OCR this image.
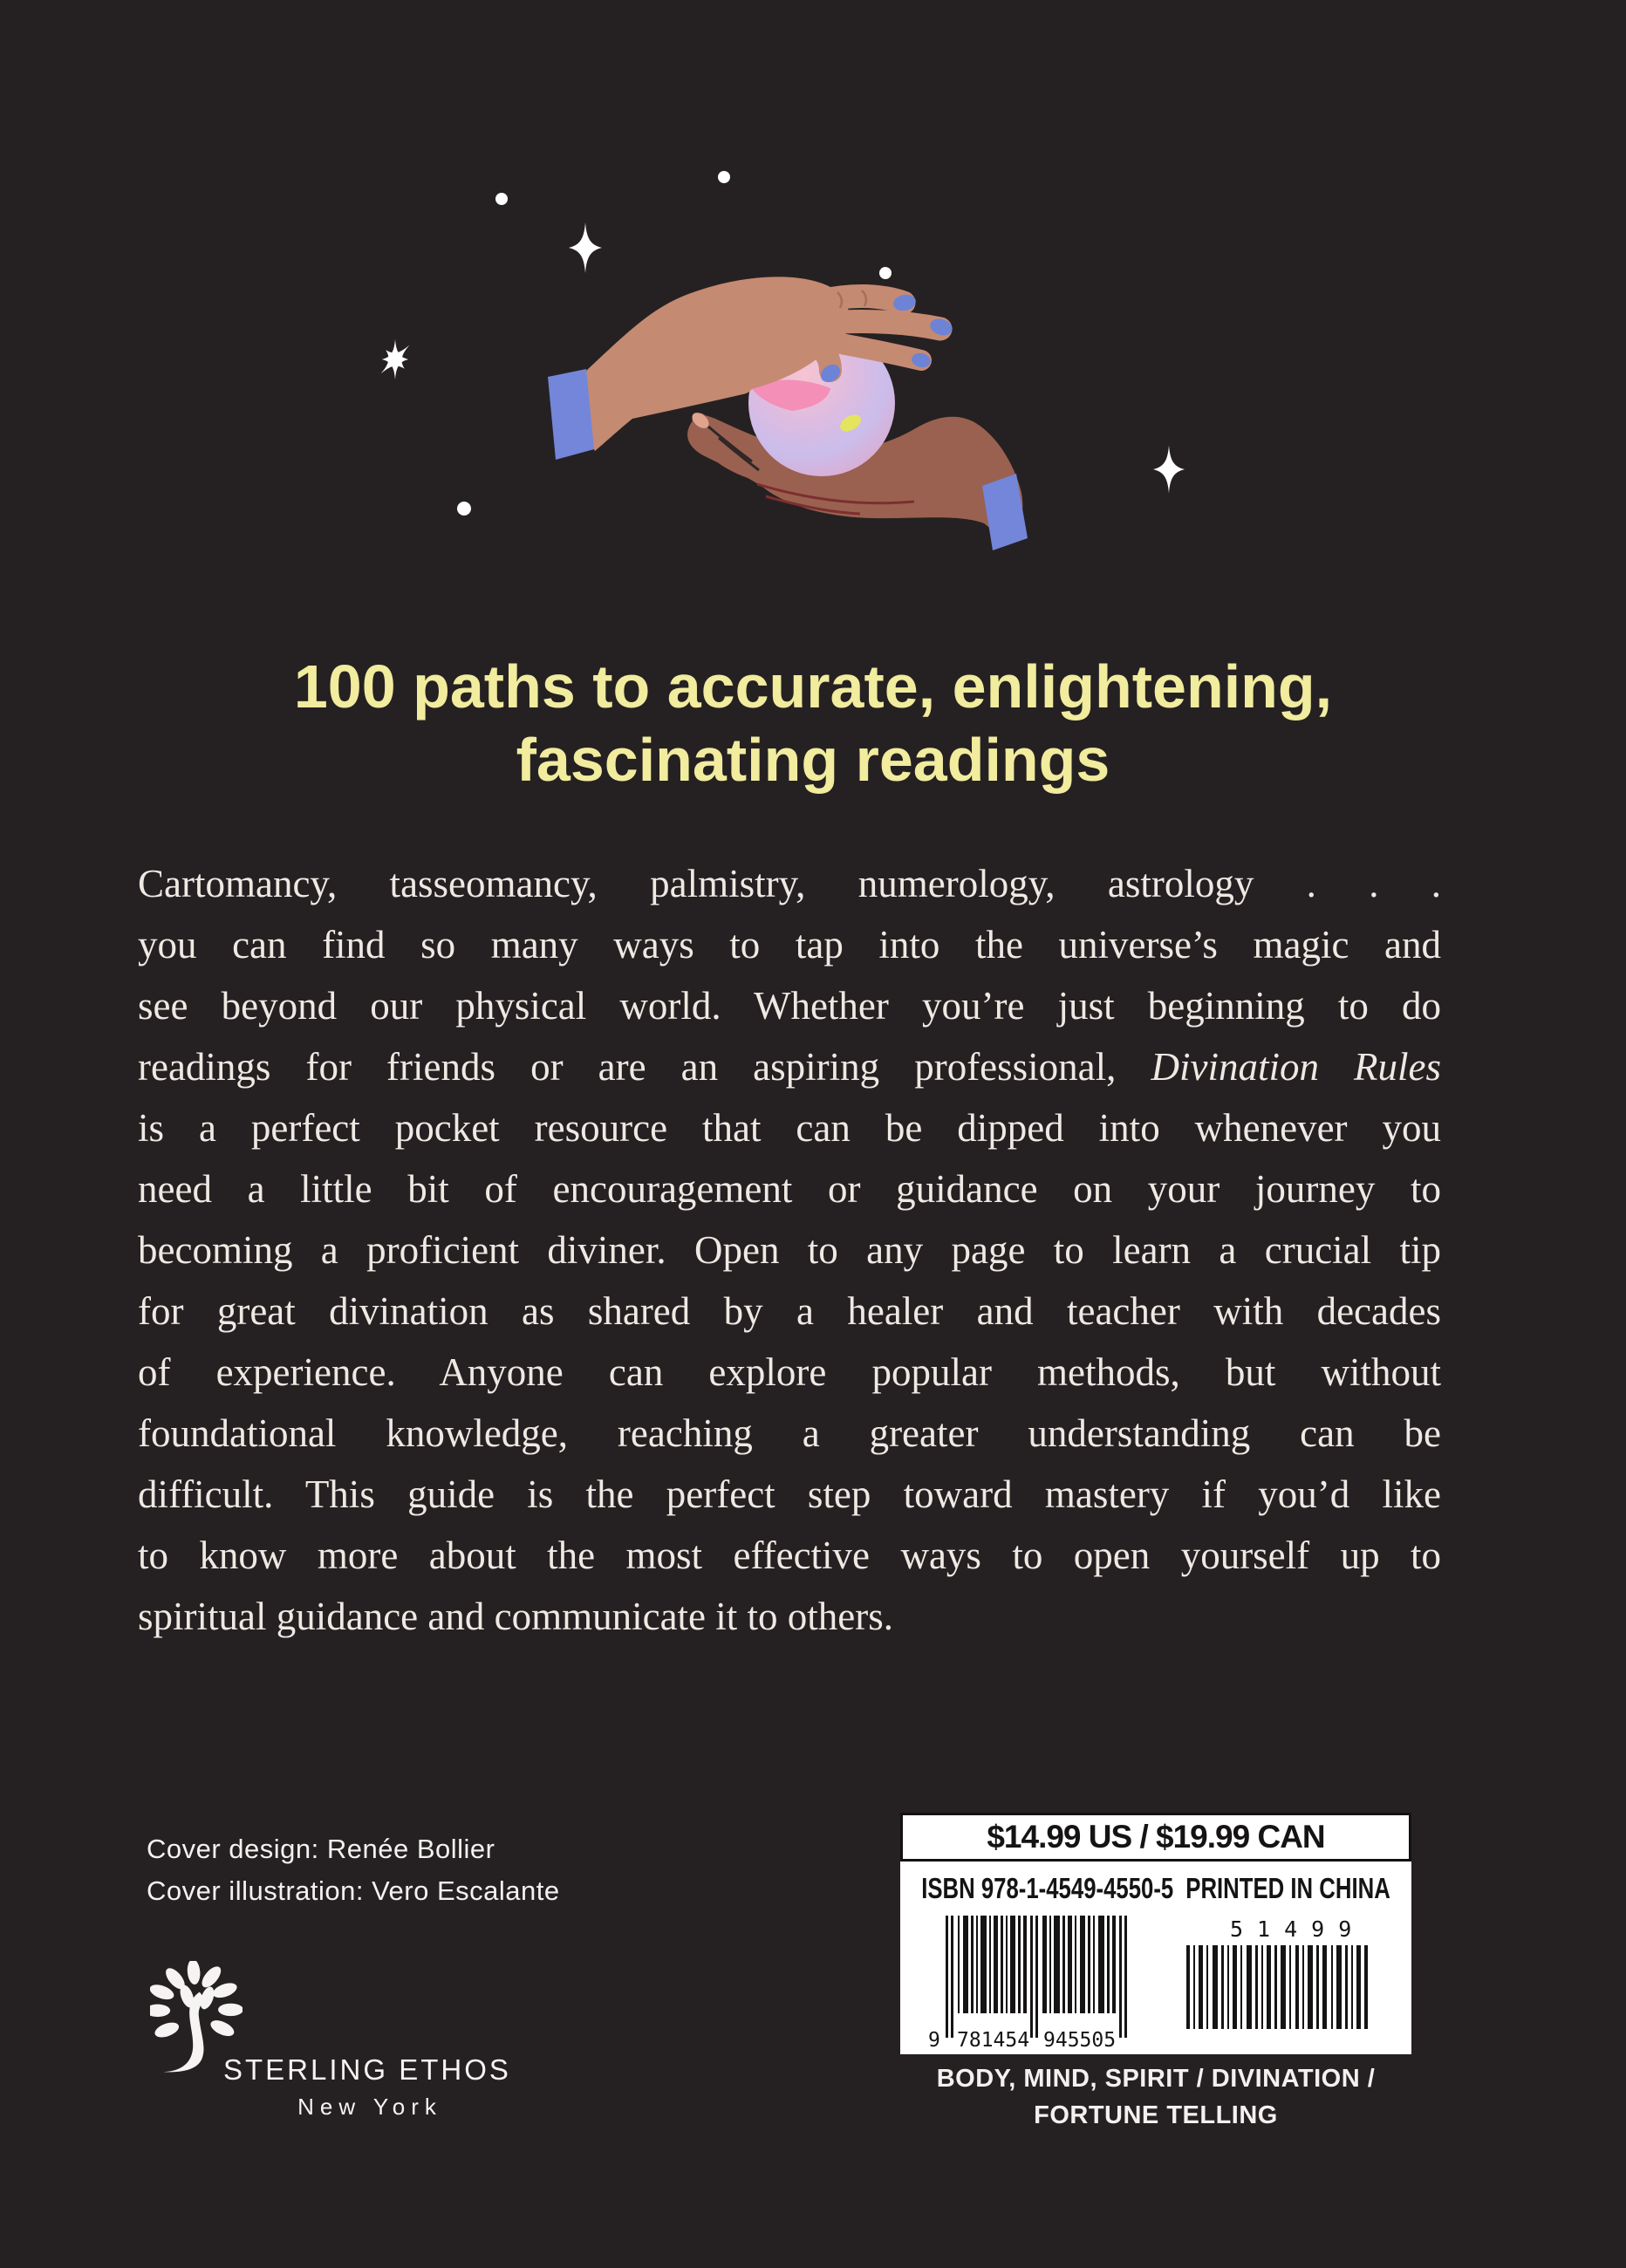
100 paths to accurate, enlightening,
fascinating readings
Cartomancy, tasseomancy, palmistry, numerology, astrology . . .
you can find so many ways to tap into the universe’s magic and
see beyond our physical world. Whether you’re just beginning to do
readings for friends or are an aspiring professional, Divination Rules
is a perfect pocket resource that can be dipped into whenever you
need a little bit of encouragement or guidance on your journey to
becoming a proficient diviner. Open to any page to learn a crucial tip
for great divination as shared by a healer and teacher with decades
of experience. Anyone can explore popular methods, but without
foundational knowledge, reaching a greater understanding can be
difficult. This guide is the perfect step toward mastery if you’d like
to know more about the most effective ways to open yourself up to
spiritual guidance and communicate it to others.
Cover design: Renée Bollier
Cover illustration: Vero Escalante
STERLING ETHOS
New York
$14.99 US / $19.99 CAN
ISBN 978-1-4549-4550-5 PRINTED IN CHINA
9 781454 945505
51499
BODY, MIND, SPIRIT / DIVINATION /
FORTUNE TELLING
